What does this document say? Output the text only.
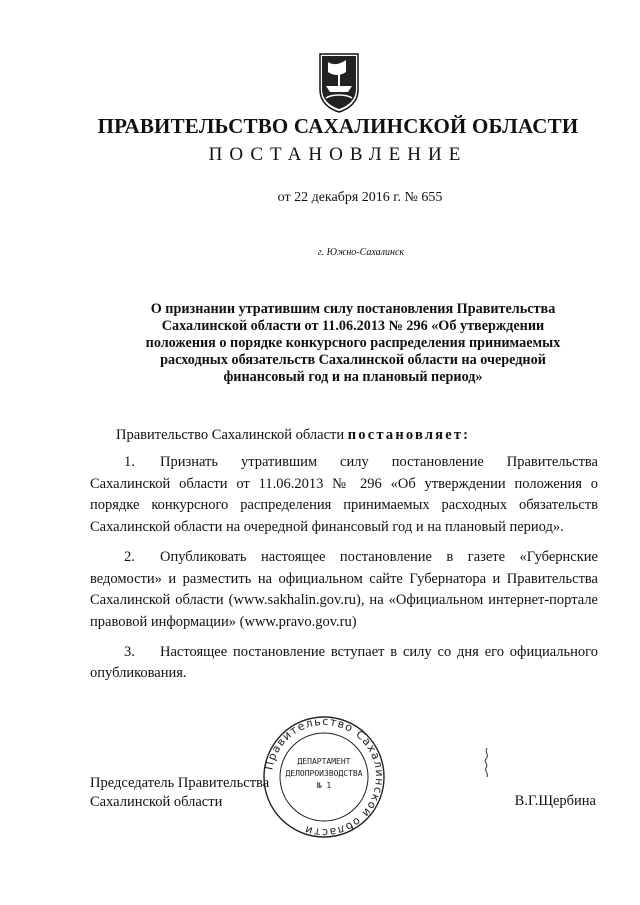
ПРАВИТЕЛЬСТВО САХАЛИНСКОЙ ОБЛАСТИ
ПОСТАНОВЛЕНИЕ
от 22 декабря 2016 г. № 655
г. Южно-Сахалинск
О признании утратившим силу постановления Правительства
Сахалинской области от 11.06.2013 № 296 «Об утверждении
положения о порядке конкурсного распределения принимаемых
расходных обязательств Сахалинской области на очередной
финансовый год и на плановый период»
Правительство Сахалинской области постановляет:

1. Признать утратившим силу постановление Правительства Сахалинской области от 11.06.2013 № 296 «Об утверждении положения о порядке конкурсного распределения принимаемых расходных обязательств Сахалинской области на очередной финансовый год и на плановый период».

2. Опубликовать настоящее постановление в газете «Губернские ведомости» и разместить на официальном сайте Губернатора и Правительства Сахалинской области (www.sakhalin.gov.ru), на «Официальном интернет-портале правовой информации» (www.pravo.gov.ru)

3. Настоящее постановление вступает в силу со дня его официального опубликования.

Правительство Сахалинской области
ДЕПАРТАМЕНТ
ДЕЛОПРОИЗВОДСТВА
№ 1
Председатель Правительства
Сахалинской области	В.Г.Щербина
